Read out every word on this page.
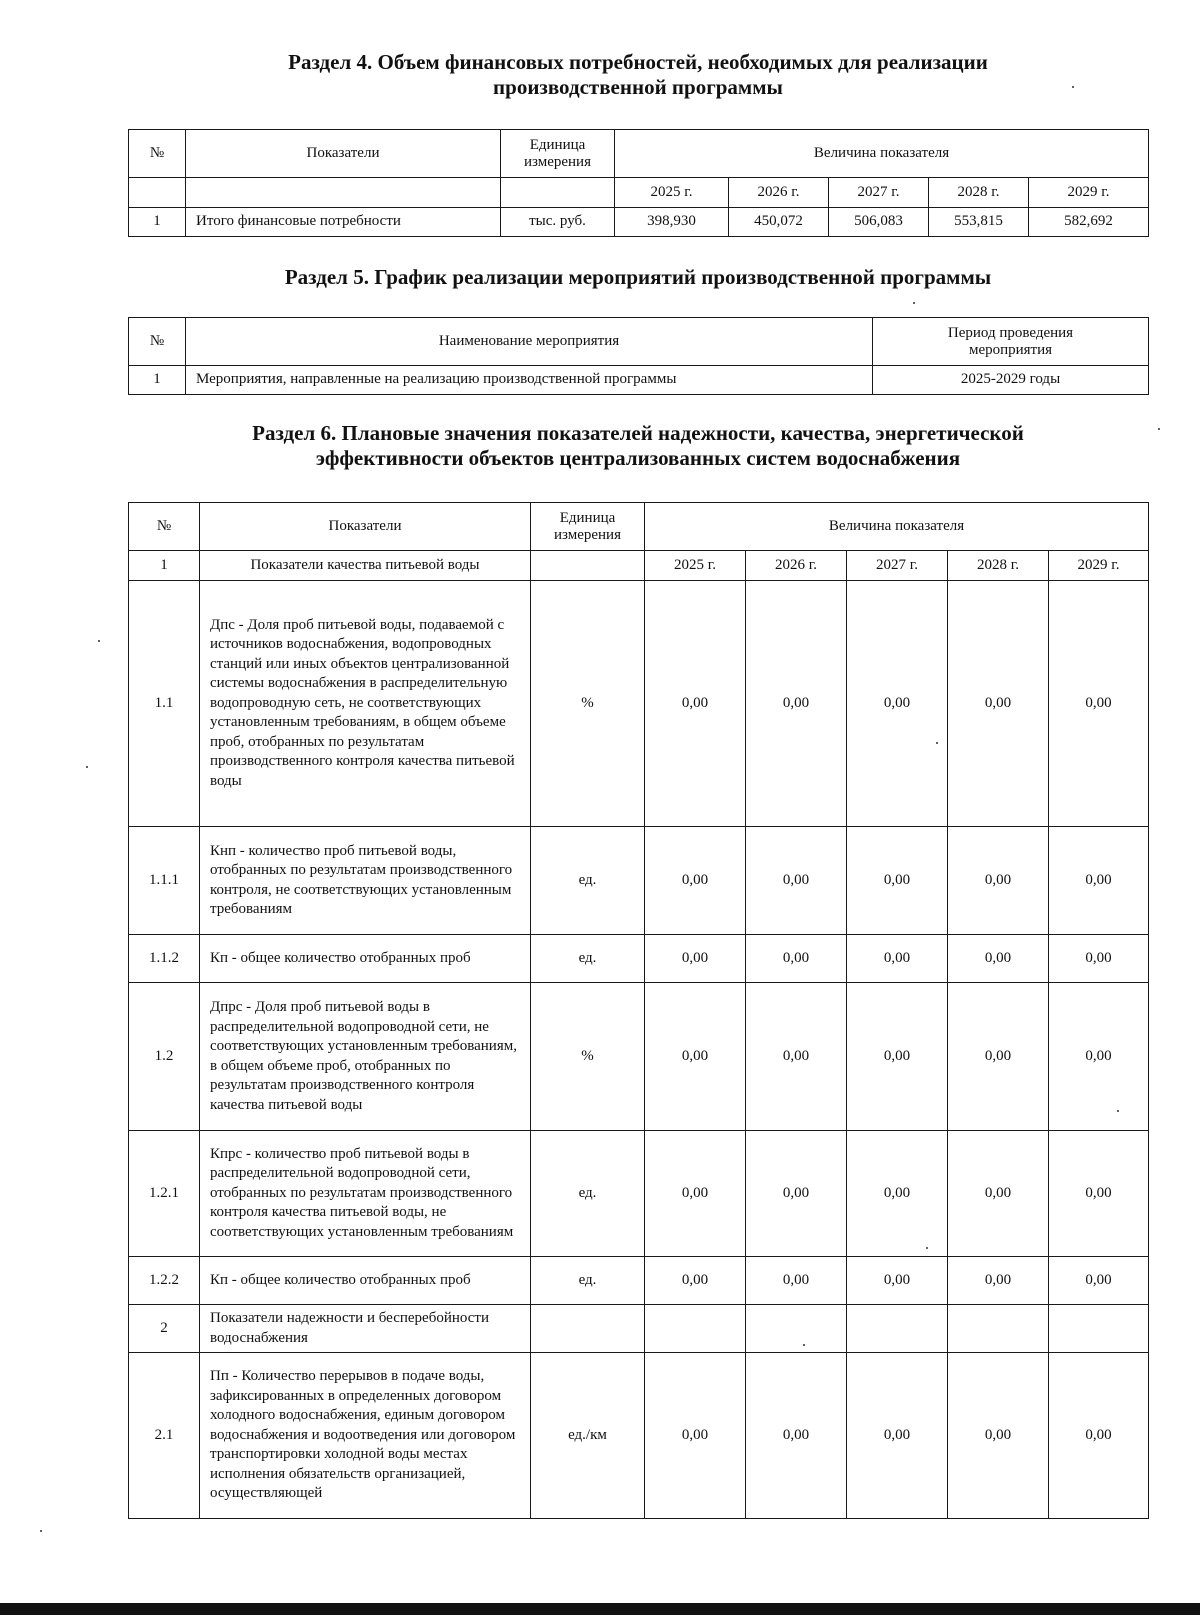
Раздел 4. Объем финансовых потребностей, необходимых для реализации
производственной программы
№	Показатели	Единица измерения	Величина показателя				
			2025 г.	2026 г.	2027 г.	2028 г.	2029 г.
1	Итого финансовые потребности	тыс. руб.	398,930	450,072	506,083	553,815	582,692
Раздел 5. График реализации мероприятий производственной программы
№	Наименование мероприятия	Период проведения мероприятия
1	Мероприятия, направленные на реализацию производственной программы	2025-2029 годы
Раздел 6. Плановые значения показателей надежности, качества, энергетической
эффективности объектов централизованных систем водоснабжения
№	Показатели	Единица измерения	Величина показателя				
1	Показатели качества питьевой воды		2025 г.	2026 г.	2027 г.	2028 г.	2029 г.
1.1	Дпс - Доля проб питьевой воды, подаваемой с источников водоснабжения, водопроводных станций или иных объектов централизованной системы водоснабжения в распределительную водопроводную сеть, не соответствующих установленным требованиям, в общем объеме проб, отобранных по результатам производственного контроля качества питьевой воды	%	0,00	0,00	0,00	0,00	0,00
1.1.1	Кнп - количество проб питьевой воды, отобранных по результатам производственного контроля, не соответствующих установленным требованиям	ед.	0,00	0,00	0,00	0,00	0,00
1.1.2	Кп - общее количество отобранных проб	ед.	0,00	0,00	0,00	0,00	0,00
1.2	Дпрс - Доля проб питьевой воды в распределительной водопроводной сети, не соответствующих установленным требованиям, в общем объеме проб, отобранных по результатам производственного контроля качества питьевой воды	%	0,00	0,00	0,00	0,00	0,00
1.2.1	Кпрс - количество проб питьевой воды в распределительной водопроводной сети, отобранных по результатам производственного контроля качества питьевой воды, не соответствующих установленным требованиям	ед.	0,00	0,00	0,00	0,00	0,00
1.2.2	Кп - общее количество отобранных проб	ед.	0,00	0,00	0,00	0,00	0,00
2	Показатели надежности и бесперебойности водоснабжения						
2.1	Пп - Количество перерывов в подаче воды, зафиксированных в определенных договором холодного водоснабжения, единым договором водоснабжения и водоотведения или договором транспортировки холодной воды местах исполнения обязательств организацией, осуществляющей	ед./км	0,00	0,00	0,00	0,00	0,00
